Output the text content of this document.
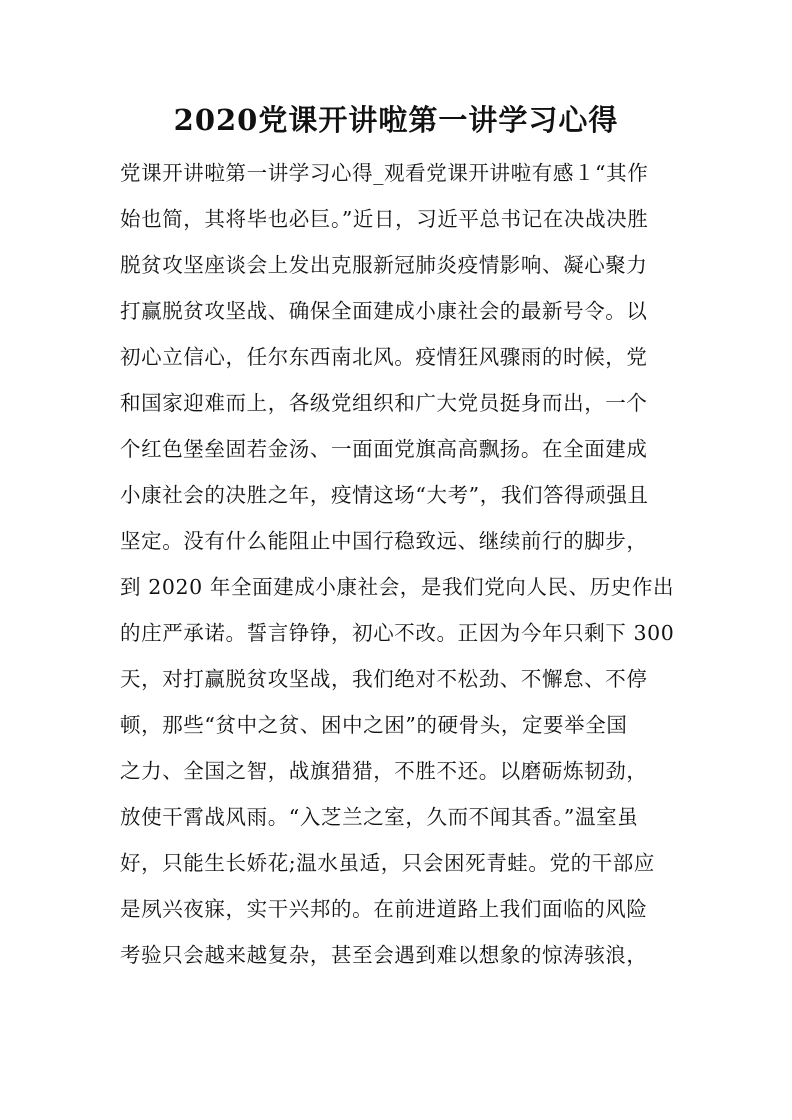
2020党课开讲啦第一讲学习心得
党课开讲啦第一讲学习心得_观看党课开讲啦有感１“其作
始也简，其将毕也必巨。”近日，习近平总书记在决战决胜
脱贫攻坚座谈会上发出克服新冠肺炎疫情影响、凝心聚力
打赢脱贫攻坚战、确保全面建成小康社会的最新号令。以
初心立信心，任尔东西南北风。疫情狂风骤雨的时候，党
和国家迎难而上，各级党组织和广大党员挺身而出，一个
个红色堡垒固若金汤、一面面党旗高高飘扬。在全面建成
小康社会的决胜之年，疫情这场“大考”，我们答得顽强且
坚定。没有什么能阻止中国行稳致远、继续前行的脚步，
到 2020 年全面建成小康社会，是我们党向人民、历史作出
的庄严承诺。誓言铮铮，初心不改。正因为今年只剩下 300
天，对打赢脱贫攻坚战，我们绝对不松劲、不懈怠、不停
顿，那些“贫中之贫、困中之困”的硬骨头，定要举全国
之力、全国之智，战旗猎猎，不胜不还。以磨砺炼韧劲，
放使干霄战风雨。“入芝兰之室，久而不闻其香。”温室虽
好，只能生长娇花;温水虽适，只会困死青蛙。党的干部应
是夙兴夜寐，实干兴邦的。在前进道路上我们面临的风险
考验只会越来越复杂，甚至会遇到难以想象的惊涛骇浪，
